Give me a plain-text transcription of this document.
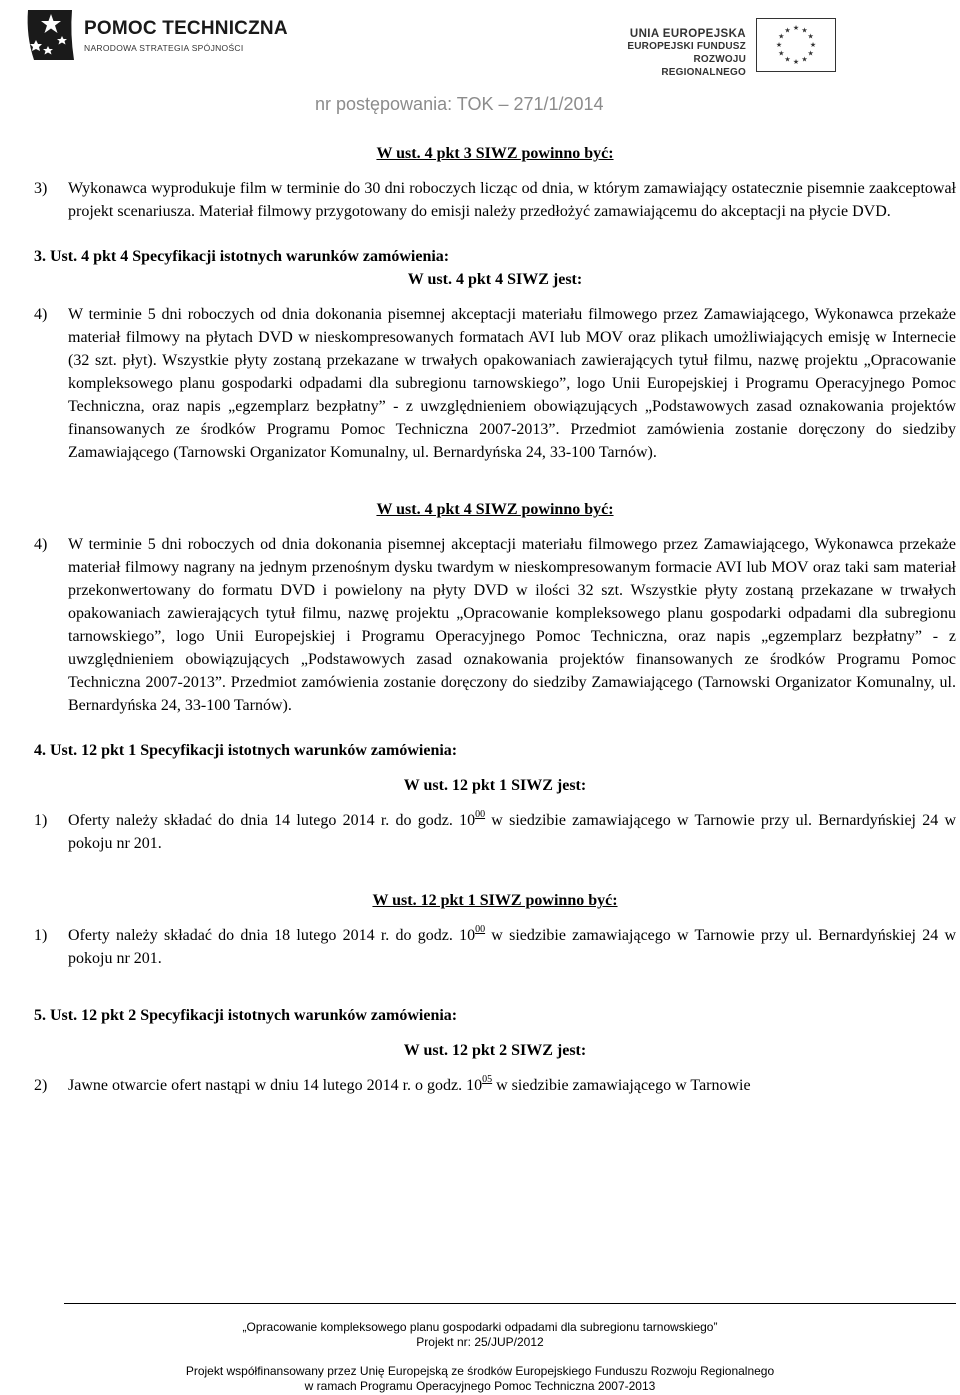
POMOC TECHNICZNA
NARODOWA STRATEGIA SPÓJNOŚCI
UNIA EUROPEJSKA
EUROPEJSKI FUNDUSZ
ROZWOJU REGIONALNEGO
★ ★
★
★
★
★
★
★
★
★
★
★
nr postępowania: TOK – 271/1/2014
W ust. 4 pkt 3 SIWZ powinno być:
3) Wykonawca wyprodukuje film w terminie do 30 dni roboczych licząc od dnia, w którym zamawiający ostatecznie pisemnie zaakceptował projekt scenariusza. Materiał filmowy przygotowany do emisji należy przedłożyć zamawiającemu do akceptacji na płycie DVD.
3. Ust. 4 pkt 4 Specyfikacji istotnych warunków zamówienia:
W ust. 4 pkt 4 SIWZ jest:
4) W terminie 5 dni roboczych od dnia dokonania pisemnej akceptacji materiału filmowego przez Zamawiającego, Wykonawca przekaże materiał filmowy na płytach DVD w nieskompresowanych formatach AVI lub MOV oraz plikach umożliwiających emisję w Internecie (32 szt. płyt). Wszystkie płyty zostaną przekazane w trwałych opakowaniach zawierających tytuł filmu, nazwę projektu „Opracowanie kompleksowego planu gospodarki odpadami dla subregionu tarnowskiego”, logo Unii Europejskiej i Programu Operacyjnego Pomoc Techniczna, oraz napis „egzemplarz bezpłatny” - z uwzględnieniem obowiązujących „Podstawowych zasad oznakowania projektów finansowanych ze środków Programu Pomoc Techniczna 2007-2013”. Przedmiot zamówienia zostanie doręczony do siedziby Zamawiającego (Tarnowski Organizator Komunalny, ul. Bernardyńska 24, 33-100 Tarnów).
W ust. 4 pkt 4 SIWZ powinno być:
4) W terminie 5 dni roboczych od dnia dokonania pisemnej akceptacji materiału filmowego przez Zamawiającego, Wykonawca przekaże materiał filmowy nagrany na jednym przenośnym dysku twardym w nieskompresowanym formacie AVI lub MOV oraz taki sam materiał przekonwertowany do formatu DVD i powielony na płyty DVD w ilości 32 szt. Wszystkie płyty zostaną przekazane w trwałych opakowaniach zawierających tytuł filmu, nazwę projektu „Opracowanie kompleksowego planu gospodarki odpadami dla subregionu tarnowskiego”, logo Unii Europejskiej i Programu Operacyjnego Pomoc Techniczna, oraz napis „egzemplarz bezpłatny” - z uwzględnieniem obowiązujących „Podstawowych zasad oznakowania projektów finansowanych ze środków Programu Pomoc Techniczna 2007-2013”. Przedmiot zamówienia zostanie doręczony do siedziby Zamawiającego (Tarnowski Organizator Komunalny, ul. Bernardyńska 24, 33-100 Tarnów).
4. Ust. 12 pkt 1 Specyfikacji istotnych warunków zamówienia:
W ust. 12 pkt 1 SIWZ jest:
1) Oferty należy składać do dnia 14 lutego 2014 r. do godz. $10^{00}$ w siedzibie zamawiającego w Tarnowie przy ul. Bernardyńskiej 24 w pokoju nr 201.
W ust. 12 pkt 1 SIWZ powinno być:
1) Oferty należy składać do dnia 18 lutego 2014 r. do godz. $10^{00}$ w siedzibie zamawiającego w Tarnowie przy ul. Bernardyńskiej 24 w pokoju nr 201.
5. Ust. 12 pkt 2 Specyfikacji istotnych warunków zamówienia:
W ust. 12 pkt 2 SIWZ jest:
2) Jawne otwarcie ofert nastąpi w dniu 14 lutego 2014 r. o godz. $10^{05}$ w siedzibie zamawiającego w Tarnowie
„Opracowanie kompleksowego planu gospodarki odpadami dla subregionu tarnowskiego”
Projekt nr: 25/JUP/2012
Projekt współfinansowany przez Unię Europejską ze środków Europejskiego Funduszu Rozwoju Regionalnego
w ramach Programu Operacyjnego Pomoc Techniczna 2007-2013
